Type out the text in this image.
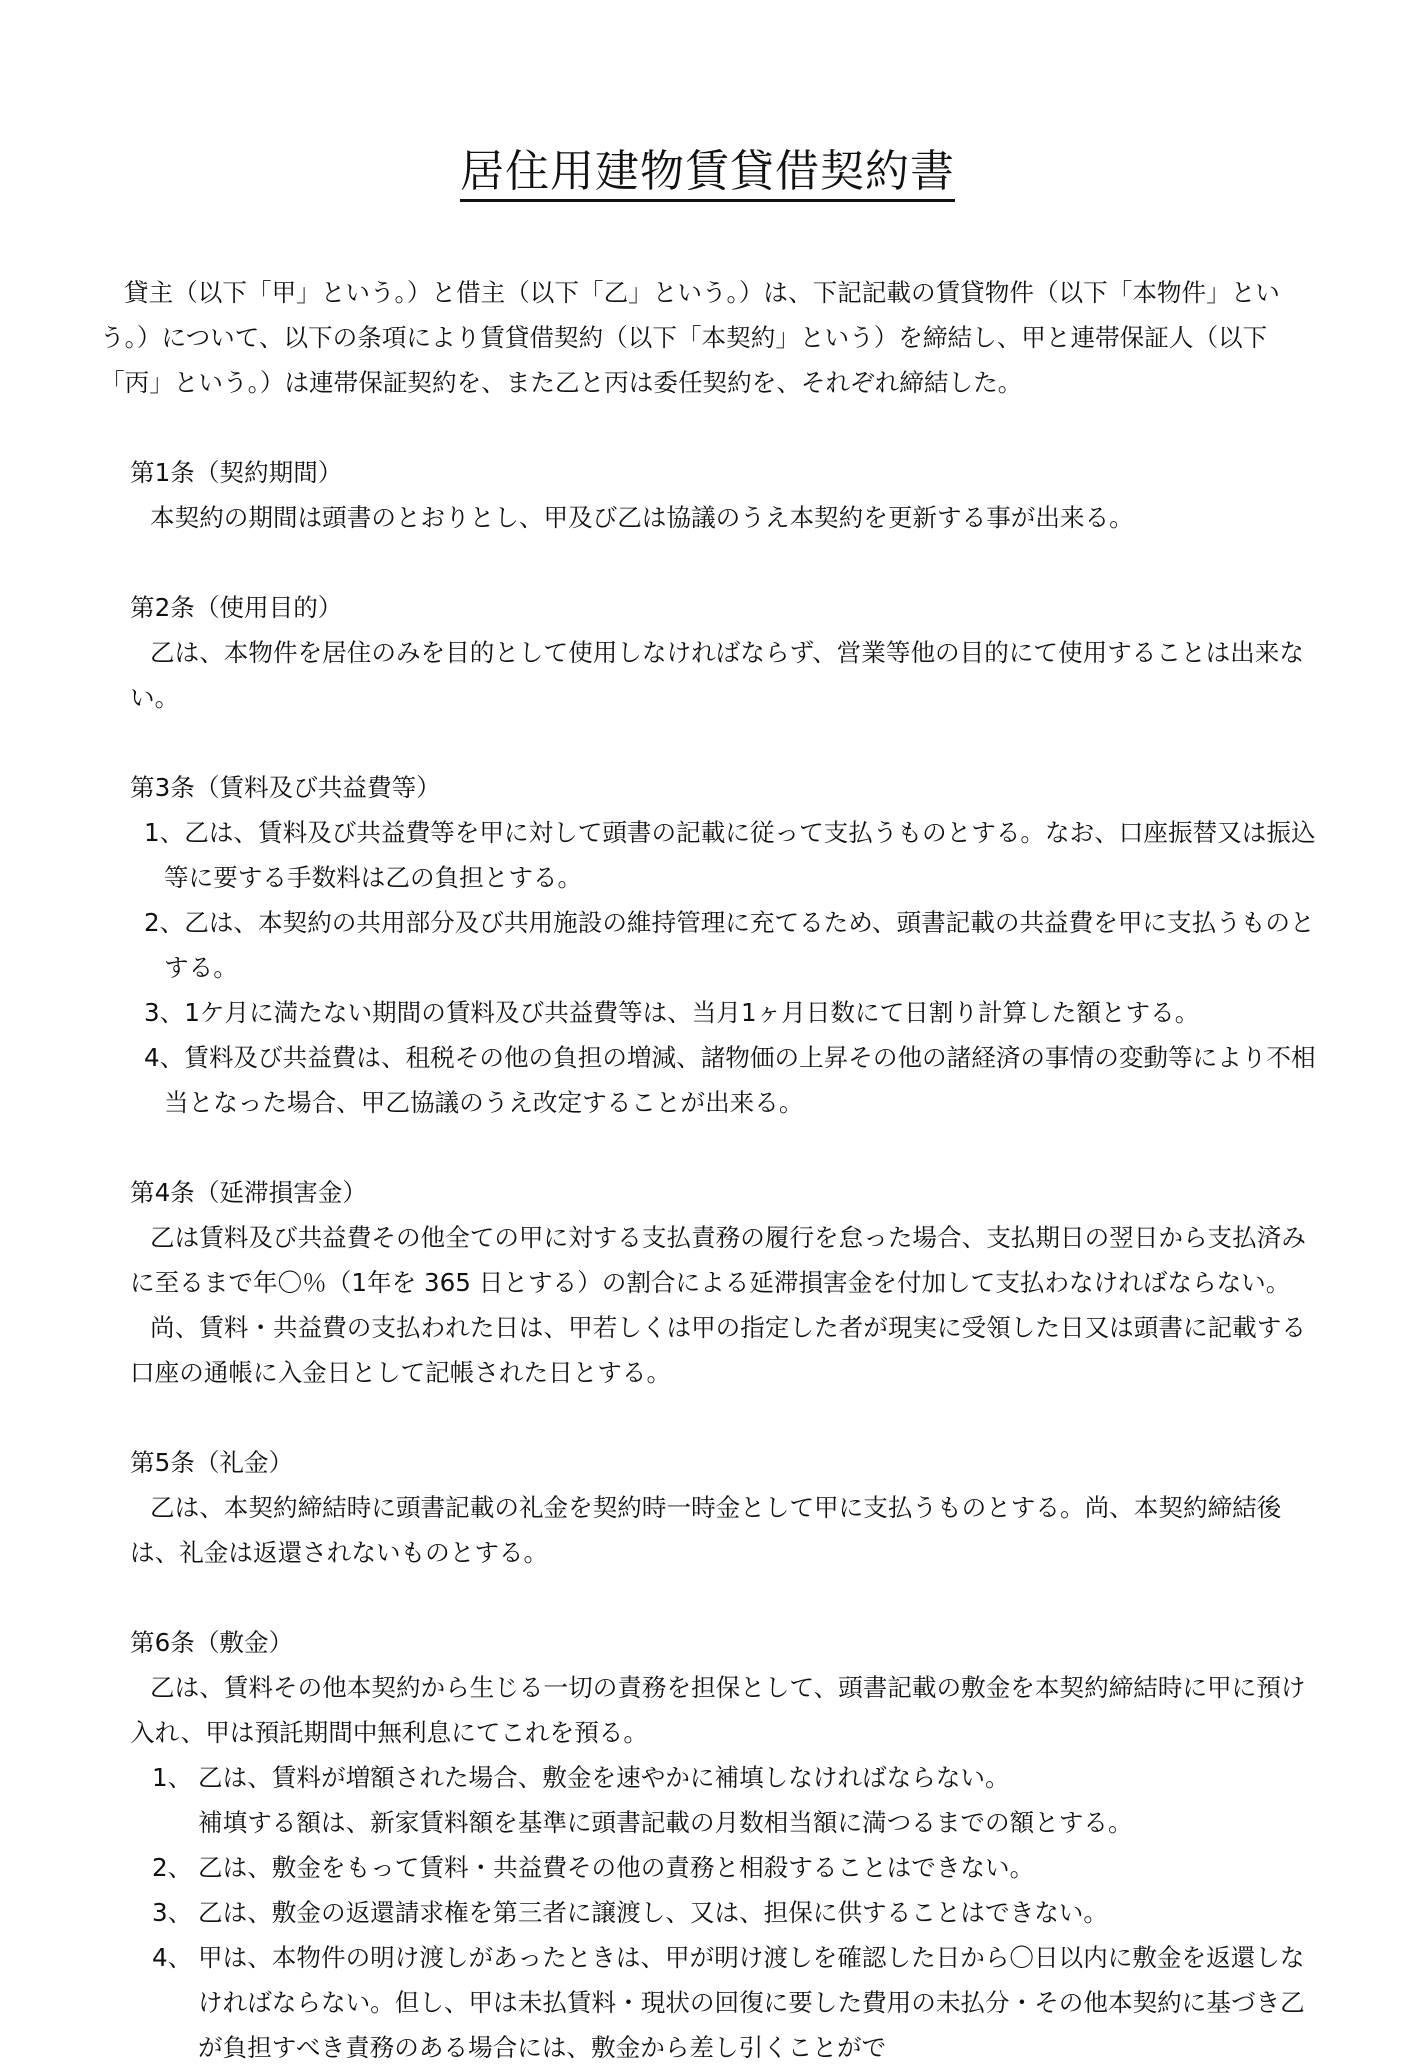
居住用建物賃貸借契約書

貸主（以下「甲」という。）と借主（以下「乙」という。）は、下記記載の賃貸物件（以下「本物件」という。）について、以下の条項により賃貸借契約（以下「本契約」という）を締結し、甲と連帯保証人（以下「丙」という。）は連帯保証契約を、また乙と丙は委任契約を、それぞれ締結した。

第1条（契約期間）

本契約の期間は頭書のとおりとし、甲及び乙は協議のうえ本契約を更新する事が出来る。

第2条（使用目的）

乙は、本物件を居住のみを目的として使用しなければならず、営業等他の目的にて使用することは出来ない。

第3条（賃料及び共益費等）

1、乙は、賃料及び共益費等を甲に対して頭書の記載に従って支払うものとする。なお、口座振替又は振込等に要する手数料は乙の負担とする。

2、乙は、本契約の共用部分及び共用施設の維持管理に充てるため、頭書記載の共益費を甲に支払うものとする。

3、1ケ月に満たない期間の賃料及び共益費等は、当月1ヶ月日数にて日割り計算した額とする。

4、賃料及び共益費は、租税その他の負担の増減、諸物価の上昇その他の諸経済の事情の変動等により不相当となった場合、甲乙協議のうえ改定することが出来る。

第4条（延滞損害金）

乙は賃料及び共益費その他全ての甲に対する支払責務の履行を怠った場合、支払期日の翌日から支払済みに至るまで年〇％（1年を 365 日とする）の割合による延滞損害金を付加して支払わなければならない。

尚、賃料・共益費の支払われた日は、甲若しくは甲の指定した者が現実に受領した日又は頭書に記載する口座の通帳に入金日として記帳された日とする。

第5条（礼金）

乙は、本契約締結時に頭書記載の礼金を契約時一時金として甲に支払うものとする。尚、本契約締結後は、礼金は返還されないものとする。

第6条（敷金）

乙は、賃料その他本契約から生じる一切の責務を担保として、頭書記載の敷金を本契約締結時に甲に預け入れ、甲は預託期間中無利息にてこれを預る。

1、 乙は、賃料が増額された場合、敷金を速やかに補填しなければならない。
補填する額は、新家賃料額を基準に頭書記載の月数相当額に満つるまでの額とする。
2、 乙は、敷金をもって賃料・共益費その他の責務と相殺することはできない。
3、 乙は、敷金の返還請求権を第三者に譲渡し、又は、担保に供することはできない。
4、 甲は、本物件の明け渡しがあったときは、甲が明け渡しを確認した日から〇日以内に敷金を返還しなければならない。但し、甲は未払賃料・現状の回復に要した費用の未払分・その他本契約に基づき乙が負担すべき責務のある場合には、敷金から差し引くことがで
